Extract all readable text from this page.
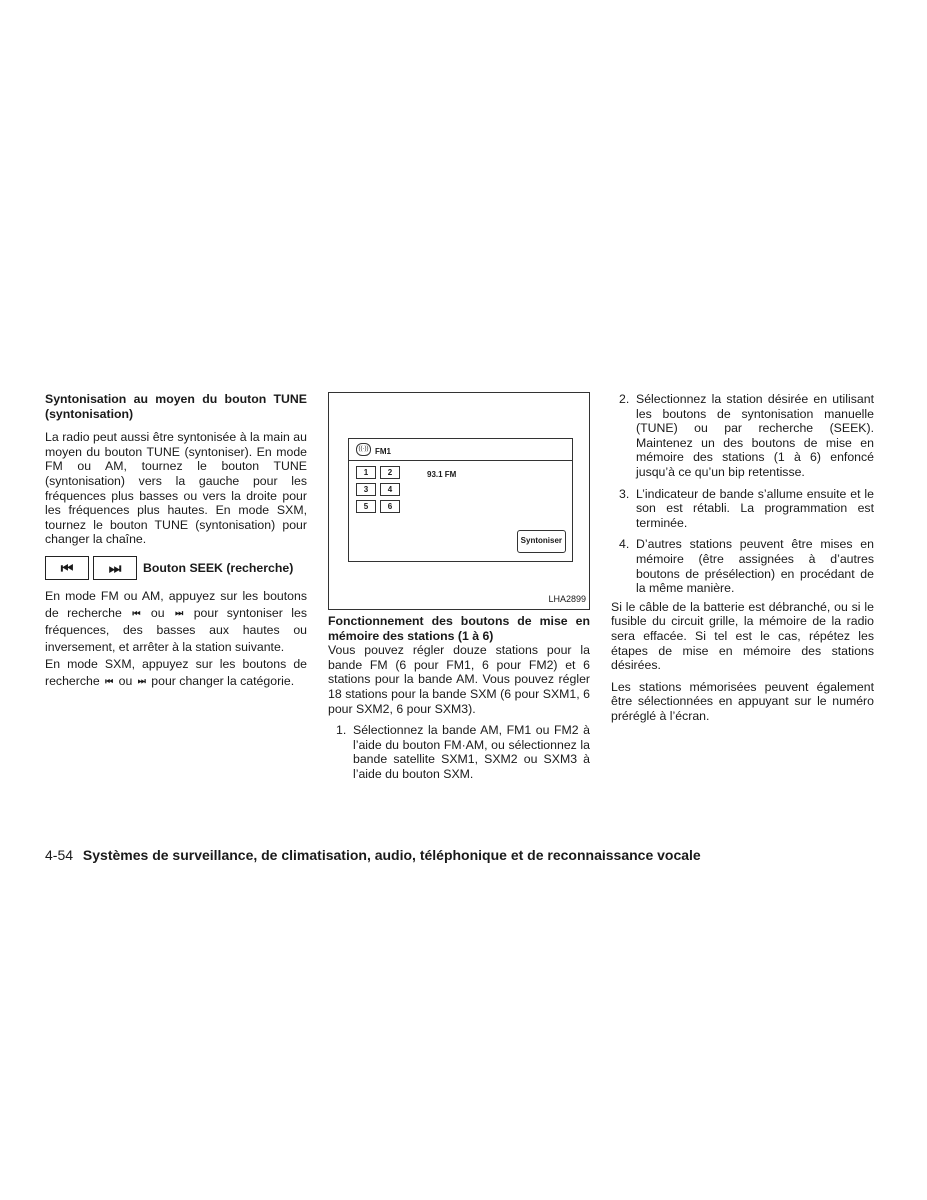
Syntonisation au moyen du bouton TUNE (syntonisation)

La radio peut aussi être syntonisée à la main au moyen du bouton TUNE (syntoniser). En mode FM ou AM, tournez le bouton TUNE (syntonisation) vers la gauche pour les fréquences plus basses ou vers la droite pour les fréquences plus hautes. En mode SXM, tournez le bouton TUNE (syntonisation) pour changer la chaîne.

⏮	⏭	Bouton SEEK (recherche)

En mode FM ou AM, appuyez sur les boutons de recherche ⏮ ou ⏭ pour syntoniser les fréquences, des basses aux hautes ou inversement, et arrêter à la station suivante.

En mode SXM, appuyez sur les boutons de recherche ⏮ ou ⏭ pour changer la catégorie.

((·)) FM1
1	2
3	4
5	6
93.1 FM
Syntoniser
LHA2899

Fonctionnement des boutons de mise en mémoire des stations (1 à 6)

Vous pouvez régler douze stations pour la bande FM (6 pour FM1, 6 pour FM2) et 6 stations pour la bande AM. Vous pouvez régler 18 stations pour la bande SXM (6 pour SXM1, 6 pour SXM2, 6 pour SXM3).

1. Sélectionnez la bande AM, FM1 ou FM2 à l’aide du bouton FM·AM, ou sélectionnez la bande satellite SXM1, SXM2 ou SXM3 à l’aide du bouton SXM.
2. Sélectionnez la station désirée en utilisant les boutons de syntonisation manuelle (TUNE) ou par recherche (SEEK). Maintenez un des boutons de mise en mémoire des stations (1 à 6) enfoncé jusqu’à ce qu’un bip retentisse.
3. L’indicateur de bande s’allume ensuite et le son est rétabli. La programmation est terminée.
4. D’autres stations peuvent être mises en mémoire (être assignées à d’autres boutons de présélection) en procédant de la même manière.

Si le câble de la batterie est débranché, ou si le fusible du circuit grille, la mémoire de la radio sera effacée. Si tel est le cas, répétez les étapes de mise en mémoire des stations désirées.

Les stations mémorisées peuvent également être sélectionnées en appuyant sur le numéro préréglé à l’écran.

4-54 Systèmes de surveillance, de climatisation, audio, téléphonique et de reconnaissance vocale
